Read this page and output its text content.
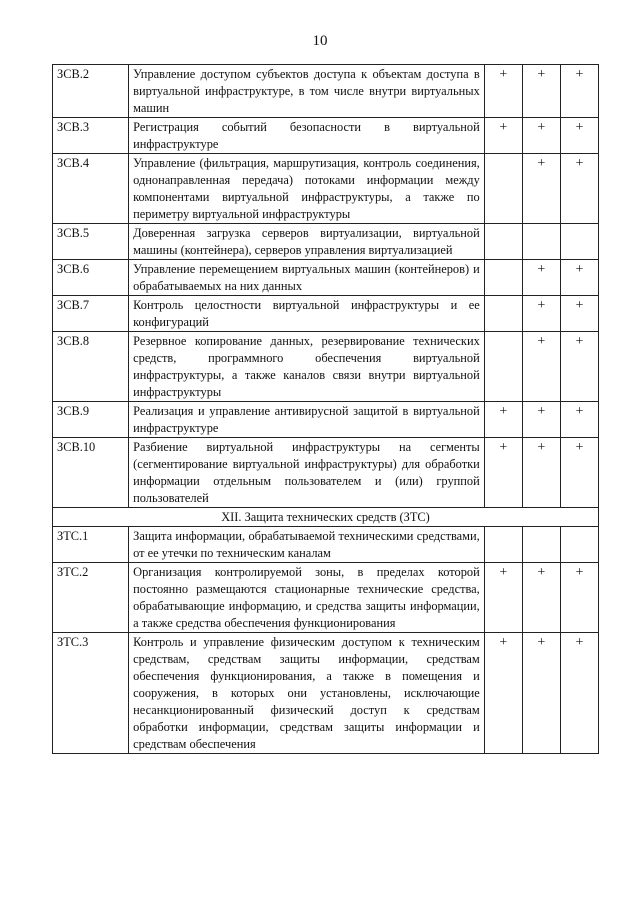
10
ЗСВ.2	Управление доступом субъектов доступа к объектам доступа в виртуальной инфраструктуре, в том числе внутри виртуальных машин	+	+	+
ЗСВ.3	Регистрация событий безопасности в виртуальной инфраструктуре	+	+	+
ЗСВ.4	Управление (фильтрация, маршрутизация, контроль соединения, однонаправленная передача) потоками информации между компонентами виртуальной инфраструктуры, а также по периметру виртуальной инфраструктуры		+	+
ЗСВ.5	Доверенная загрузка серверов виртуализации, виртуальной машины (контейнера), серверов управления виртуализацией			
ЗСВ.6	Управление перемещением виртуальных машин (контейнеров) и обрабатываемых на них данных		+	+
ЗСВ.7	Контроль целостности виртуальной инфраструктуры и ее конфигураций		+	+
ЗСВ.8	Резервное копирование данных, резервирование технических средств, программного обеспечения виртуальной инфраструктуры, а также каналов связи внутри виртуальной инфраструктуры		+	+
ЗСВ.9	Реализация и управление антивирусной защитой в виртуальной инфраструктуре	+	+	+
ЗСВ.10	Разбиение виртуальной инфраструктуры на сегменты (сегментирование виртуальной инфраструктуры) для обработки информации отдельным пользователем и (или) группой пользователей	+	+	+
XII. Защита технических средств (ЗТС)				
ЗТС.1	Защита информации, обрабатываемой техническими средствами, от ее утечки по техническим каналам			
ЗТС.2	Организация контролируемой зоны, в пределах которой постоянно размещаются стационарные технические средства, обрабатывающие информацию, и средства защиты информации, а также средства обеспечения функционирования	+	+	+
ЗТС.3	Контроль и управление физическим доступом к техническим средствам, средствам защиты информации, средствам обеспечения функционирования, а также в помещения и сооружения, в которых они установлены, исключающие несанкционированный физический доступ к средствам обработки информации, средствам защиты информации и средствам обеспечения	+	+	+
